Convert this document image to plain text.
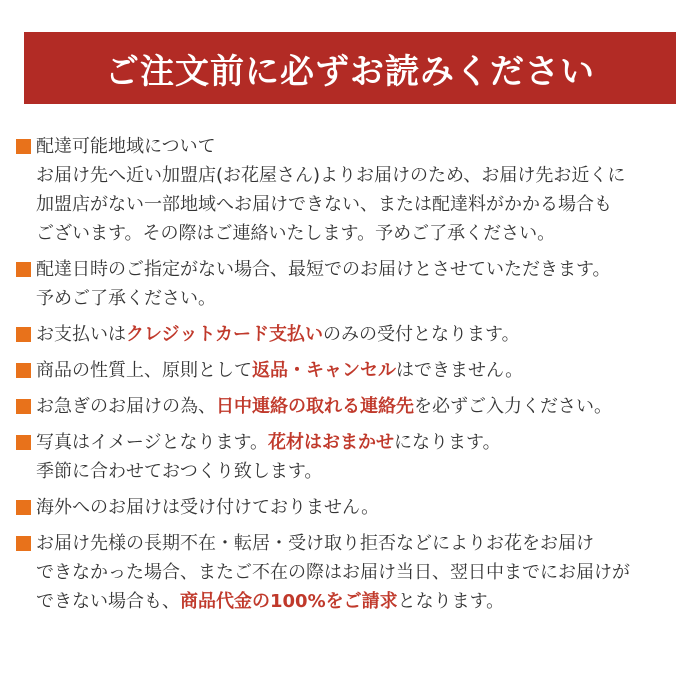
ご注文前に必ずお読みください
配達可能地域について
お届け先へ近い加盟店(お花屋さん)よりお届けのため、お届け先お近くに
加盟店がない一部地域へお届けできない、または配達料がかかる場合も
ございます。その際はご連絡いたします。予めご了承ください。
配達日時のご指定がない場合、最短でのお届けとさせていただきます。
予めご了承ください。
お支払いは クレジットカード支払い のみの受付となります。
商品の性質上、原則として 返品・キャンセル はできません。
お急ぎのお届けの為、 日中連絡の取れる連絡先 を必ずご入力ください。
写真はイメージとなります。 花材はおまかせ になります。
季節に合わせておつくり致します。
海外へのお届けは受け付けておりません。
お届け先様の長期不在・転居・受け取り拒否などによりお花をお届け
できなかった場合、またご不在の際はお届け当日、翌日中までにお届けが
できない場合も、 商品代金の100%をご請求 となります。
